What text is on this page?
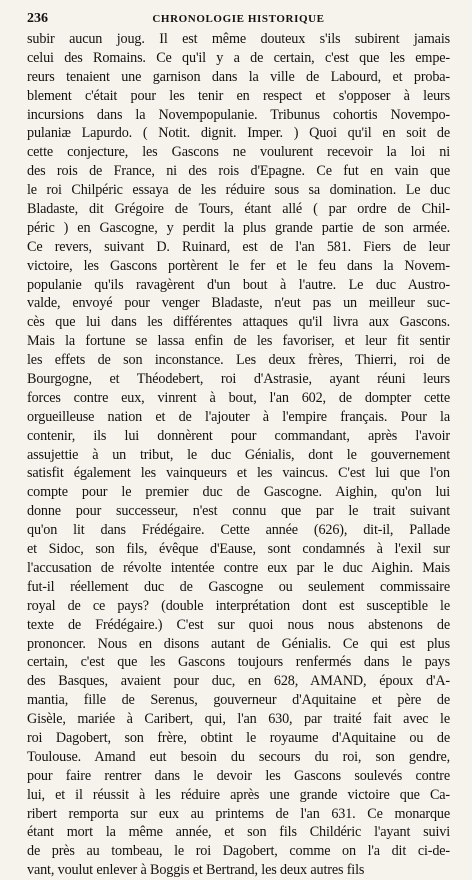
236	CHRONOLOGIE HISTORIQUE
subir aucun joug. Il est même douteux s'ils subirent jamais
celui des Romains. Ce qu'il y a de certain, c'est que les empe-
reurs tenaient une garnison dans la ville de Labourd, et proba-
blement c'était pour les tenir en respect et s'opposer à leurs
incursions dans la Novempopulanie. Tribunus cohortis Novempo-
pulaniæ Lapurdo. ( Notit. dignit. Imper. ) Quoi qu'il en soit de
cette conjecture, les Gascons ne voulurent recevoir la loi ni
des rois de France, ni des rois d'Epagne. Ce fut en vain que
le roi Chilpéric essaya de les réduire sous sa domination. Le duc
Bladaste, dit Grégoire de Tours, étant allé ( par ordre de Chil-
péric ) en Gascogne, y perdit la plus grande partie de son armée.
Ce revers, suivant D. Ruinard, est de l'an 581. Fiers de leur
victoire, les Gascons portèrent le fer et le feu dans la Novem-
populanie qu'ils ravagèrent d'un bout à l'autre. Le duc Austro-
valde, envoyé pour venger Bladaste, n'eut pas un meilleur suc-
cès que lui dans les différentes attaques qu'il livra aux Gascons.
Mais la fortune se lassa enfin de les favoriser, et leur fit sentir
les effets de son inconstance. Les deux frères, Thierri, roi de
Bourgogne, et Théodebert, roi d'Astrasie, ayant réuni leurs
forces contre eux, vinrent à bout, l'an 602, de dompter cette
orgueilleuse nation et de l'ajouter à l'empire français. Pour la
contenir, ils lui donnèrent pour commandant, après l'avoir
assujettie à un tribut, le duc Génialis, dont le gouvernement
satisfit également les vainqueurs et les vaincus. C'est lui que l'on
compte pour le premier duc de Gascogne. Aighin, qu'on lui
donne pour successeur, n'est connu que par le trait suivant
qu'on lit dans Frédégaire. Cette année (626), dit-il, Pallade
et Sidoc, son fils, évêque d'Eause, sont condamnés à l'exil sur
l'accusation de révolte intentée contre eux par le duc Aighin. Mais
fut-il réellement duc de Gascogne ou seulement commissaire
royal de ce pays? (double interprétation dont est susceptible le
texte de Frédégaire.) C'est sur quoi nous nous abstenons de
prononcer. Nous en disons autant de Génialis. Ce qui est plus
certain, c'est que les Gascons toujours renfermés dans le pays
des Basques, avaient pour duc, en 628, AMAND, époux d'A-
mantia, fille de Serenus, gouverneur d'Aquitaine et père de
Gisèle, mariée à Caribert, qui, l'an 630, par traité fait avec le
roi Dagobert, son frère, obtint le royaume d'Aquitaine ou de
Toulouse. Amand eut besoin du secours du roi, son gendre,
pour faire rentrer dans le devoir les Gascons soulevés contre
lui, et il réussit à les réduire après une grande victoire que Ca-
ribert remporta sur eux au printems de l'an 631. Ce monarque
étant mort la même année, et son fils Childéric l'ayant suivi
de près au tombeau, le roi Dagobert, comme on l'a dit ci-de-
vant, voulut enlever à Boggis et Bertrand, les deux autres fils
